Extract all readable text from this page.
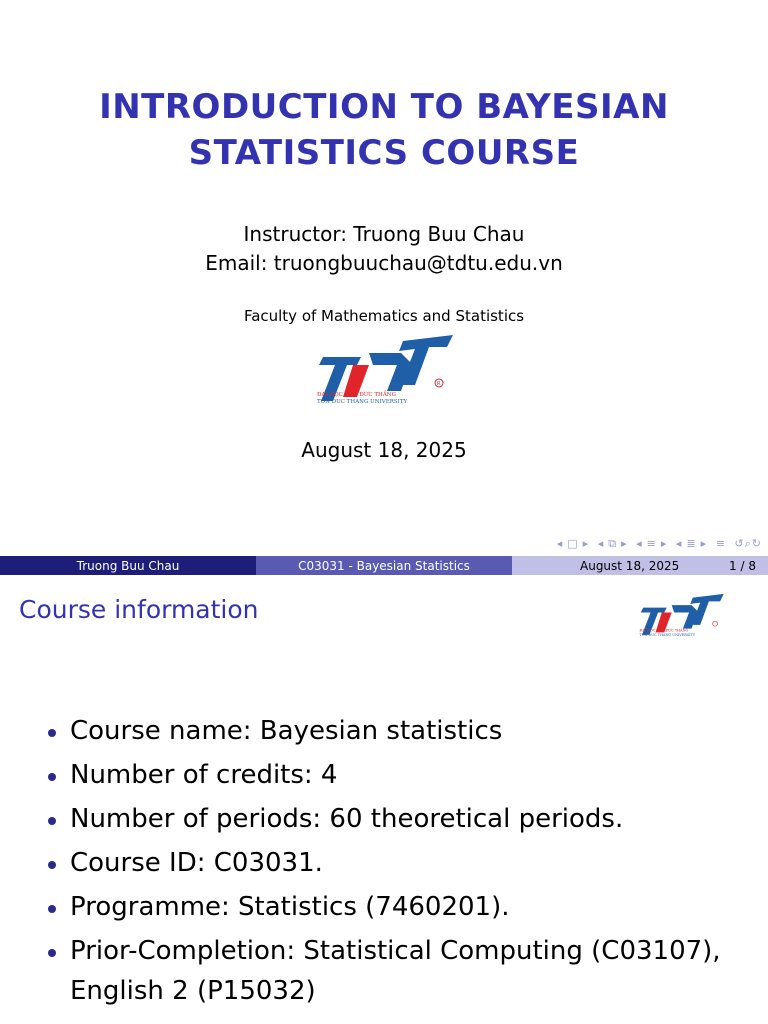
INTRODUCTION TO BAYESIAN
STATISTICS COURSE
Instructor: Truong Buu Chau
Email: truongbuuchau@tdtu.edu.vn
Faculty of Mathematics and Statistics
R
ĐẠI HỌC TÔN ĐỨC THẮNG
TON DUC THANG UNIVERSITY
August 18, 2025
◂ □ ▸ ◂ ⧉ ▸ ◂ ≡ ▸ ◂ ≣ ▸ ≡ ↺⌕↻
Truong Buu Chau	C03031 - Bayesian Statistics	August 18, 2025	1 / 8
Course information
ĐẠI HỌC TÔN ĐỨC THẮNG
TON DUC THANG UNIVERSITY
Course name: Bayesian statistics
Number of credits: 4
Number of periods: 60 theoretical periods.
Course ID: C03031.
Programme: Statistics (7460201).
Prior-Completion: Statistical Computing (C03107), English 2 (P15032)
